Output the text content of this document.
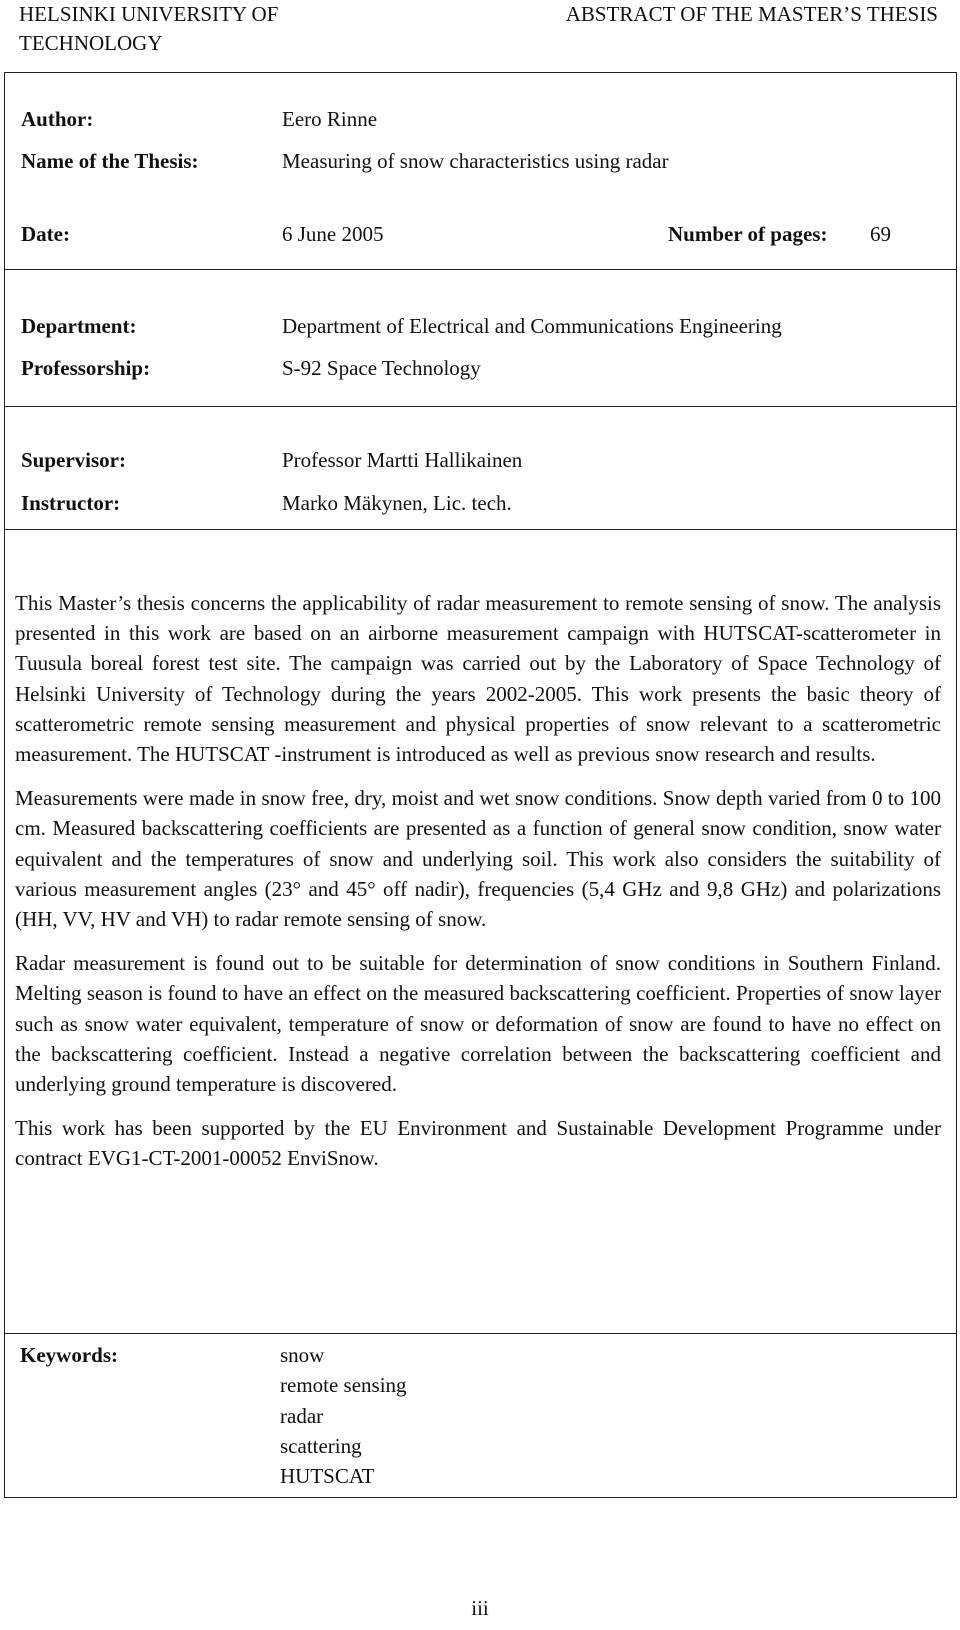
HELSINKI UNIVERSITY OF
TECHNOLOGY
ABSTRACT OF THE MASTER’S THESIS
Author:	Eero Rinne
Name of the Thesis:	Measuring of snow characteristics using radar
Date:	6 June 2005	Number of pages: 69
Department:	Department of Electrical and Communications Engineering
Professorship:	S-92 Space Technology
Supervisor:	Professor Martti Hallikainen
Instructor:	Marko Mäkynen, Lic. tech.

This Master’s thesis concerns the applicability of radar measurement to remote sensing of snow. The analysis presented in this work are based on an airborne measurement campaign with HUTSCAT-scatterometer in Tuusula boreal forest test site. The campaign was carried out by the Laboratory of Space Technology of Helsinki University of Technology during the years 2002-2005. This work presents the basic theory of scatterometric remote sensing measurement and physical properties of snow relevant to a scatterometric measurement. The HUTSCAT -instrument is introduced as well as previous snow research and results.

Measurements were made in snow free, dry, moist and wet snow conditions. Snow depth varied from 0 to 100 cm. Measured backscattering coefficients are presented as a function of general snow condition, snow water equivalent and the temperatures of snow and underlying soil. This work also considers the suitability of various measurement angles (23° and 45° off nadir), frequencies (5,4 GHz and 9,8 GHz) and polarizations (HH, VV, HV and VH) to radar remote sensing of snow.

Radar measurement is found out to be suitable for determination of snow conditions in Southern Finland. Melting season is found to have an effect on the measured backscattering coefficient. Properties of snow layer such as snow water equivalent, temperature of snow or deformation of snow are found to have no effect on the backscattering coefficient. Instead a negative correlation between the backscattering coefficient and underlying ground temperature is discovered.

This work has been supported by the EU Environment and Sustainable Development Programme under contract EVG1-CT-2001-00052 EnviSnow.

Keywords:	snow
remote sensing
radar
scattering
HUTSCAT
iii
